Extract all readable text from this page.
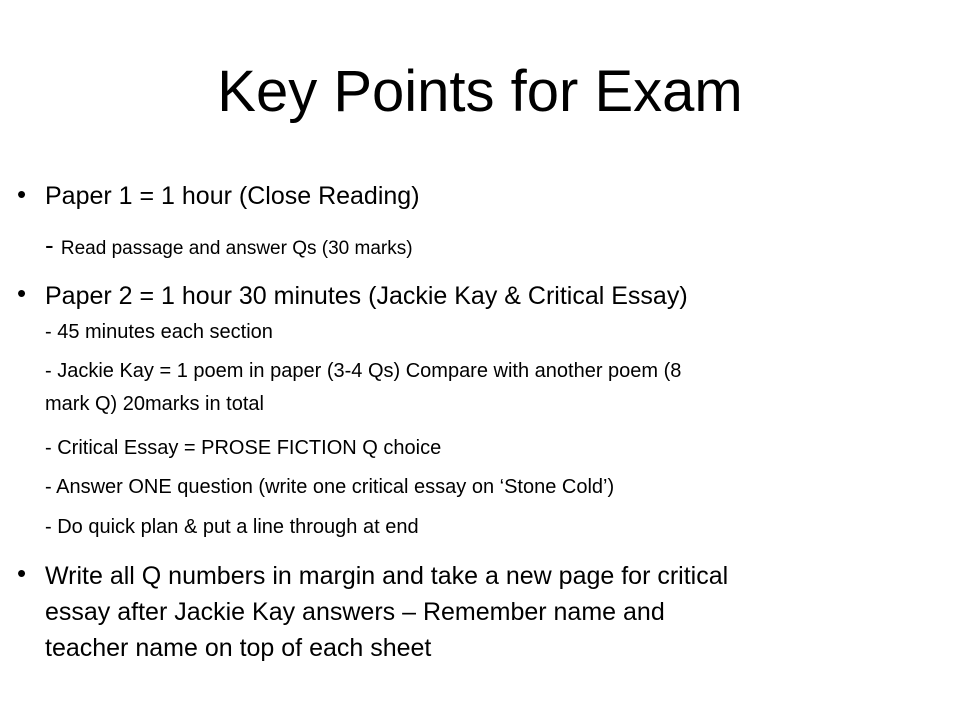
Key Points for Exam
• Paper 1 = 1 hour (Close Reading)
- Read passage and answer Qs (30 marks)
• Paper 2 = 1 hour 30 minutes (Jackie Kay & Critical Essay)
- 45 minutes each section
- Jackie Kay = 1 poem in paper (3-4 Qs) Compare with another poem (8
mark Q) 20marks in total
- Critical Essay = PROSE FICTION Q choice
- Answer ONE question (write one critical essay on ‘Stone Cold’)
- Do quick plan & put a line through at end
• Write all Q numbers in margin and take a new page for critical
essay after Jackie Kay answers – Remember name and
teacher name on top of each sheet
